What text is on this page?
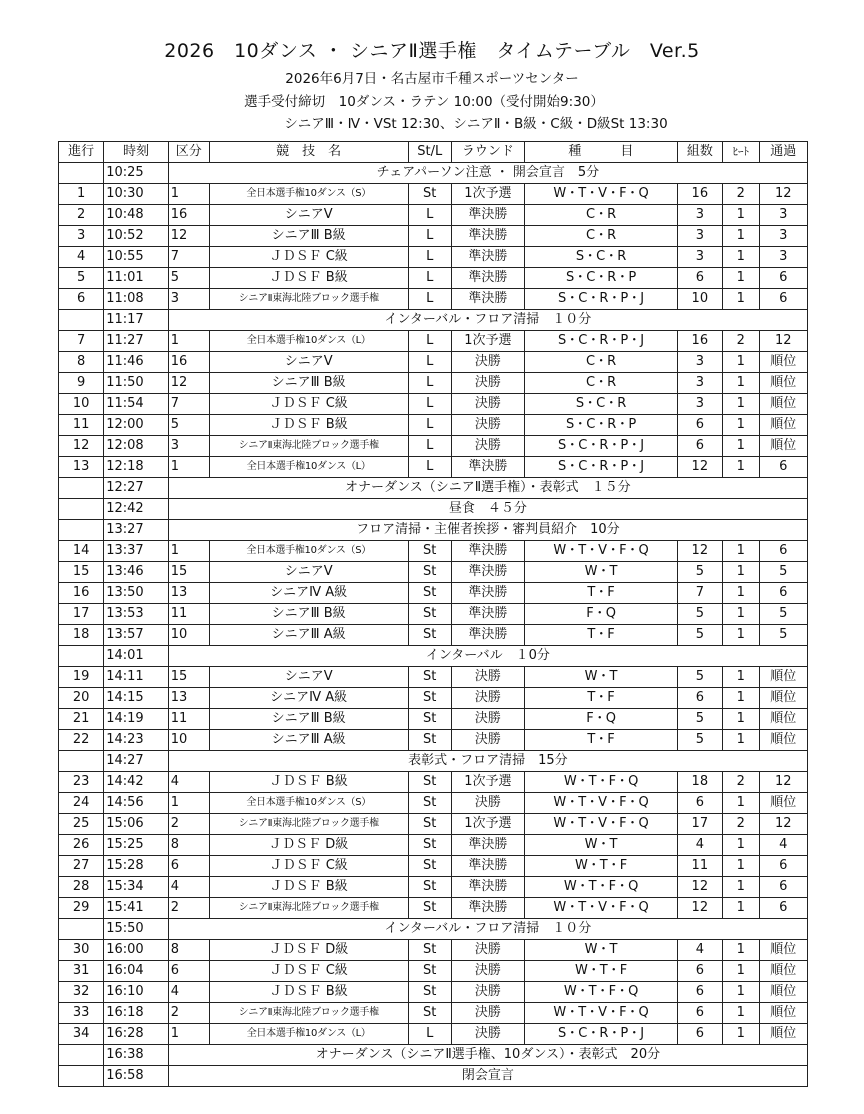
2026　10ダンス ・ シニアⅡ選手権　タイムテーブル　Ver.5
2026年6月7日・名古屋市千種スポーツセンター
選手受付締切　10ダンス・ラテン 10:00（受付開始9:30）
シニアⅢ・Ⅳ・VSt 12:30、シニアⅡ・B級・C級・D級St 13:30
進行	時刻	区分	競　技　名	St/L	ラウンド	種　　　目	組数	ﾋｰﾄ	通過
	10:25	チェアパーソン注意 ・ 開会宣言　5分							
1	10:30	1	全日本選手権10ダンス（S）	St	1次予選	W・T・V・F・Q	16	2	12
2	10:48	16	シニアV	L	準決勝	C・R	3	1	3
3	10:52	12	シニアⅢ B級	L	準決勝	C・R	3	1	3
4	10:55	7	ＪＤＳＦ C級	L	準決勝	S・C・R	3	1	3
5	11:01	5	ＪＤＳＦ B級	L	準決勝	S・C・R・P	6	1	6
6	11:08	3	シニアⅡ東海北陸ブロック選手権	L	準決勝	S・C・R・P・J	10	1	6
	11:17	インターバル・フロア清掃　１０分							
7	11:27	1	全日本選手権10ダンス（L）	L	1次予選	S・C・R・P・J	16	2	12
8	11:46	16	シニアV	L	決勝	C・R	3	1	順位
9	11:50	12	シニアⅢ B級	L	決勝	C・R	3	1	順位
10	11:54	7	ＪＤＳＦ C級	L	決勝	S・C・R	3	1	順位
11	12:00	5	ＪＤＳＦ B級	L	決勝	S・C・R・P	6	1	順位
12	12:08	3	シニアⅡ東海北陸ブロック選手権	L	決勝	S・C・R・P・J	6	1	順位
13	12:18	1	全日本選手権10ダンス（L）	L	準決勝	S・C・R・P・J	12	1	6
	12:27	オナーダンス（シニアⅡ選手権）・表彰式　１５分							
	12:42	昼食　４５分							
	13:27	フロア清掃・主催者挨拶・審判員紹介　10分							
14	13:37	1	全日本選手権10ダンス（S）	St	準決勝	W・T・V・F・Q	12	1	6
15	13:46	15	シニアV	St	準決勝	W・T	5	1	5
16	13:50	13	シニアⅣ A級	St	準決勝	T・F	7	1	6
17	13:53	11	シニアⅢ B級	St	準決勝	F・Q	5	1	5
18	13:57	10	シニアⅢ A級	St	準決勝	T・F	5	1	5
	14:01	インターバル　１0分							
19	14:11	15	シニアV	St	決勝	W・T	5	1	順位
20	14:15	13	シニアⅣ A級	St	決勝	T・F	6	1	順位
21	14:19	11	シニアⅢ B級	St	決勝	F・Q	5	1	順位
22	14:23	10	シニアⅢ A級	St	決勝	T・F	5	1	順位
	14:27	表彰式・フロア清掃　15分							
23	14:42	4	ＪＤＳＦ B級	St	1次予選	W・T・F・Q	18	2	12
24	14:56	1	全日本選手権10ダンス（S）	St	決勝	W・T・V・F・Q	6	1	順位
25	15:06	2	シニアⅡ東海北陸ブロック選手権	St	1次予選	W・T・V・F・Q	17	2	12
26	15:25	8	ＪＤＳＦ D級	St	準決勝	W・T	4	1	4
27	15:28	6	ＪＤＳＦ C級	St	準決勝	W・T・F	11	1	6
28	15:34	4	ＪＤＳＦ B級	St	準決勝	W・T・F・Q	12	1	6
29	15:41	2	シニアⅡ東海北陸ブロック選手権	St	準決勝	W・T・V・F・Q	12	1	6
	15:50	インターバル・フロア清掃　１０分							
30	16:00	8	ＪＤＳＦ D級	St	決勝	W・T	4	1	順位
31	16:04	6	ＪＤＳＦ C級	St	決勝	W・T・F	6	1	順位
32	16:10	4	ＪＤＳＦ B級	St	決勝	W・T・F・Q	6	1	順位
33	16:18	2	シニアⅡ東海北陸ブロック選手権	St	決勝	W・T・V・F・Q	6	1	順位
34	16:28	1	全日本選手権10ダンス（L）	L	決勝	S・C・R・P・J	6	1	順位
	16:38	オナーダンス（シニアⅡ選手権、10ダンス）・表彰式　20分							
	16:58	閉会宣言							
